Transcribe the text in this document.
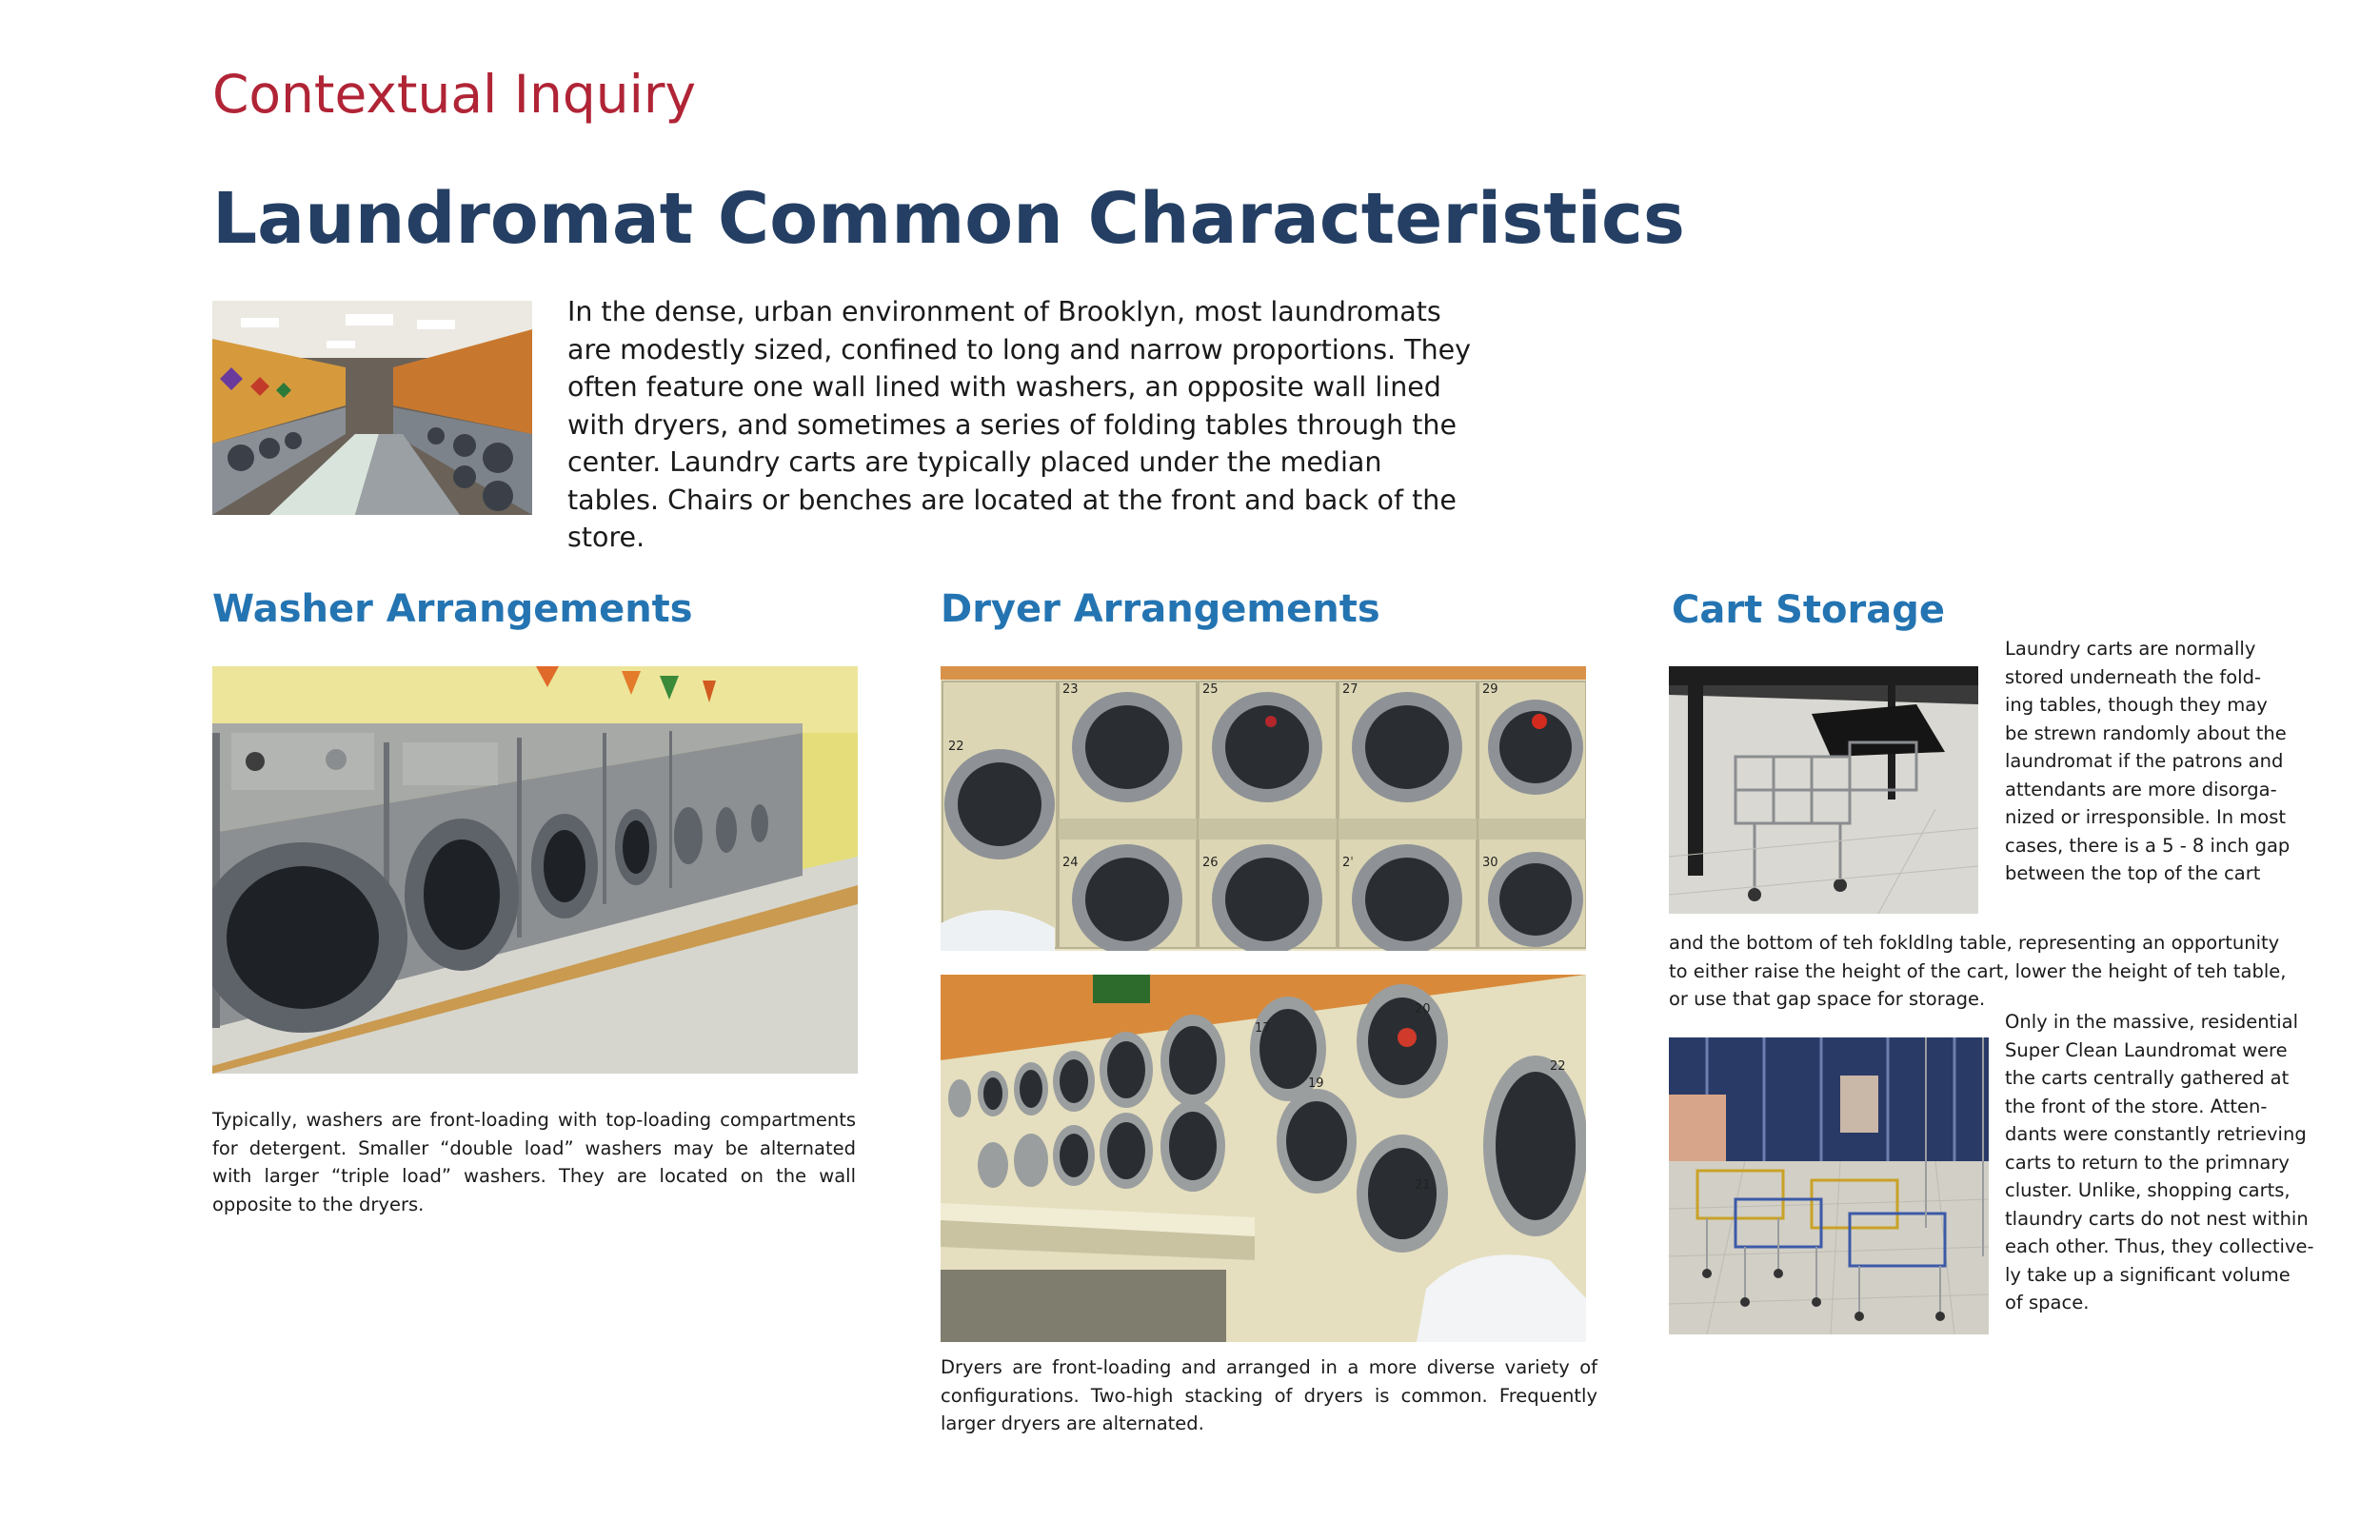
Contextual Inquiry
Laundromat Common Characteristics
In the dense, urban environment of Brooklyn, most laundromats are modestly sized, confined to long and narrow proportions. They often feature one wall lined with washers, an opposite wall lined with dryers, and sometimes a series of folding tables through the center. Laundry carts are typically placed under the median tables. Chairs or benches are located at the front and back of the store.
Washer Arrangements
Typically, washers are front-loading with top-loading compartments for detergent. Smaller “double load” washers may be alternated with larger “triple load” washers. They are located on the wall opposite to the dryers.
Dryer Arrangements
23	25	27	29
22
24	26	2ˈ	30
20
22
19
21
17
Dryers are front-loading and arranged in a more diverse variety of configurations. Two-high stacking of dryers is common. Frequently larger dryers are alternated.
Cart Storage
Laundry carts are normally
stored underneath the fold-
ing tables, though they may
be strewn randomly about the
laundromat if the patrons and
attendants are more disorga-
nized or irresponsible. In most
cases, there is a 5 - 8 inch gap
between the top of the cart
and the bottom of teh fokldlng table, representing an opportunity
to either raise the height of the cart, lower the height of teh table,
or use that gap space for storage.
Only in the massive, residential
Super Clean Laundromat were
the carts centrally gathered at
the front of the store. Atten-
dants were constantly retrieving
carts to return to the primnary
cluster. Unlike, shopping carts,
tlaundry carts do not nest within
each other. Thus, they collective-
ly take up a significant volume
of space.
